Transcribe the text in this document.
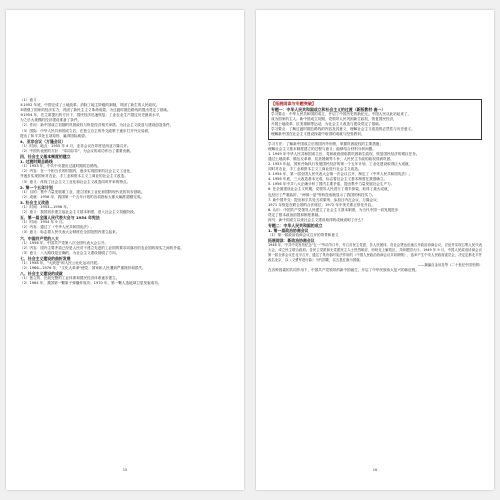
（1）意义
①1952 年底，中国完成了土地改革，消除了地主阶级的剥削，巩固了新生的人民政权。
②增强了国家的经济实力，巩固了新民主主义革命成果，为过渡时期总路线的提出奠定了基础。
③1954 年，在主席提出的方针下，国民经济迅速恢复，工业农业生产超过历史最高水平，
为之后大规模的经济建设准备了条件。
（2）作用：新中国成立初期的巩固政权与恢复经济相关举措，为社会主义改造与建设创造条件。
（3）国际：中华人民共和国成立后，在独立自主的外交政策下逐步打开外交局面，
提出了和平共处五项原则，赢得国际威望。
4、亚非会议（万隆会议）
（1）时间、地点：1955 年 4 月，亚非会议在印度尼西亚万隆召开。
（2）中国代表团的方针："求同存异"，为会议的成功作出了重要贡献。
四、社会主义基本制度的建立
1. 过渡时期总路线
（1）1953 年，中共中央提出过渡时期的总路线。
（2）内容：在一个相当长的时期内，逐步实现国家的社会主义工业化，
并逐步实现国家对农业、手工业和资本主义工商业的社会主义改造。
（3）意义：体现了社会主义工业化和社会主义改造同时并举的特点。
2. 第一个五年计划
（1）目的：集中力量发展重工业，建立国家工业化和国防现代化的初步基础。
（2）成就：1956 年，我国第一个五年计划的各项指标大都大幅度超额完成。
3. 社会主义改造
（1）时间：1953—1956 年。
（2）意义：我国初步建立起社会主义基本制度，进入社会主义初级阶段。
五、第一届全国人民代表大会与 1954 年宪法
（1）时间：1954 年 9 月。
（2）内容：通过了《中华人民共和国宪法》。
（3）意义：标志着人民代表大会制度在全国范围内建立起来。
六、中国共产党的八大
（1）1956 年，中国共产党第八次全国代表大会召开。
（2）内容：国内主要矛盾已经是人民对于建立先进的工业国的要求同落后的农业国的现实之间的矛盾。
（3）意义：八大路线是正确的，为社会主义建设指明了方向。
七、社会主义建设的曲折发展
（1）1958 年，"大跃进"和人民公社化运动开展。
（2）1966—1976 年，"文化大革命"使党、国家和人民遭到严重挫折和损失。
八、社会主义建设的成就
（1）独立的、比较完整的工业体系和国民经济体系逐步建立。
（2）1964 年，我国第一颗原子弹爆炸成功；1970 年，第一颗人造地球卫星发射成功。
15
【拓展阅读与专题突破】
专题一：中华人民共和国成立和社会主义的过渡（新版教材·高一）
学习要点：中华人民共和国的成立，开启了中国历史的新纪元。中国人民从此站起来了，
成为国家的主人。新中国成立初期，党领导人民巩固新生政权，恢复国民经济，
开展土地改革、抗美援朝等运动，为社会主义改造与建设奠定了基础。
学习要点：了解过渡时期总路线的内容及其意义，理解社会主义改造的必然性与历史意义。
理解新中国在社会主义建设探索中取得的成就与经验教训。
学习方法：了解新中国成立后的国内外形势，掌握巩固政权的主要措施；
理解社会主义基本制度建立的过程与意义；能够结合材料分析问题。
1. 1949 年中华人民共和国成立后，党和政府面临着巩固新生政权、恢复国民经济的艰巨任务。
通过土地改革、镇压反革命、抗美援朝等斗争，人民民主专政的政权得到巩固。
2. 1953 年起，国家开始执行发展国民经济的第一个五年计划，工业化建设取得巨大成就，
同时对农业、手工业和资本主义工商业进行社会主义改造。
3. 1954 年，第一届全国人民代表大会第一次会议召开，制定了《中华人民共和国宪法》。
4. 1956 年底，三大改造基本完成，标志着社会主义基本制度在我国确立。
5. 1956 年中共八大正确分析了国内主要矛盾，提出集中力量发展社会生产力。
6. 在全面建设社会主义时期，党领导人民进行了艰辛探索，取得了重大成就，
也经历了严重曲折。"两弹一星"等科技成就显示了我国的科技实力。
7. 新中国外交：提出和平共处五项原则；参加日内瓦会议、万隆会议；
1971 年恢复在联合国的合法席位；1972 年中美关系正常化开启。
8. 认识：中国共产党领导人民建立了社会主义基本制度，为当代中国一切发展进步
奠定了根本政治前提和制度基础。
探究：新中国成立以来社会主义建设取得的成就说明了什么？
专题二：中华人民共和国的成立
1. 第一届政治协商会议
（1）第一届政治协商会议召开的背景和意义
拓展阅读：新政治协商会议
1948 年，中共中央发布纪念"五一"劳动节口号，号召各民主党派、各人民团体、各社会贤达迅速召开政治协商会议，讨论并实现召集人民代表大会，成立民主联合政府。各民主党派和无党派民主人士热烈响应，纷纷北上解放区，共商建国大计。1949 年 9 月，中国人民政治协商会议第一届全体会议在北平召开，通过了具有临时宪法作用的《中国人民政治协商会议共同纲领》，选举产生中央人民政府委员会，决定定都北平并改名北京，以《义勇军进行曲》为代国歌，以五星红旗为国旗。
——摘编自金冲及等《二十世纪中国史纲》
在各种因素的共同作用下，中国共产党领导的新中国诞生，开启了中华民族伟大复兴的新征程。
16
